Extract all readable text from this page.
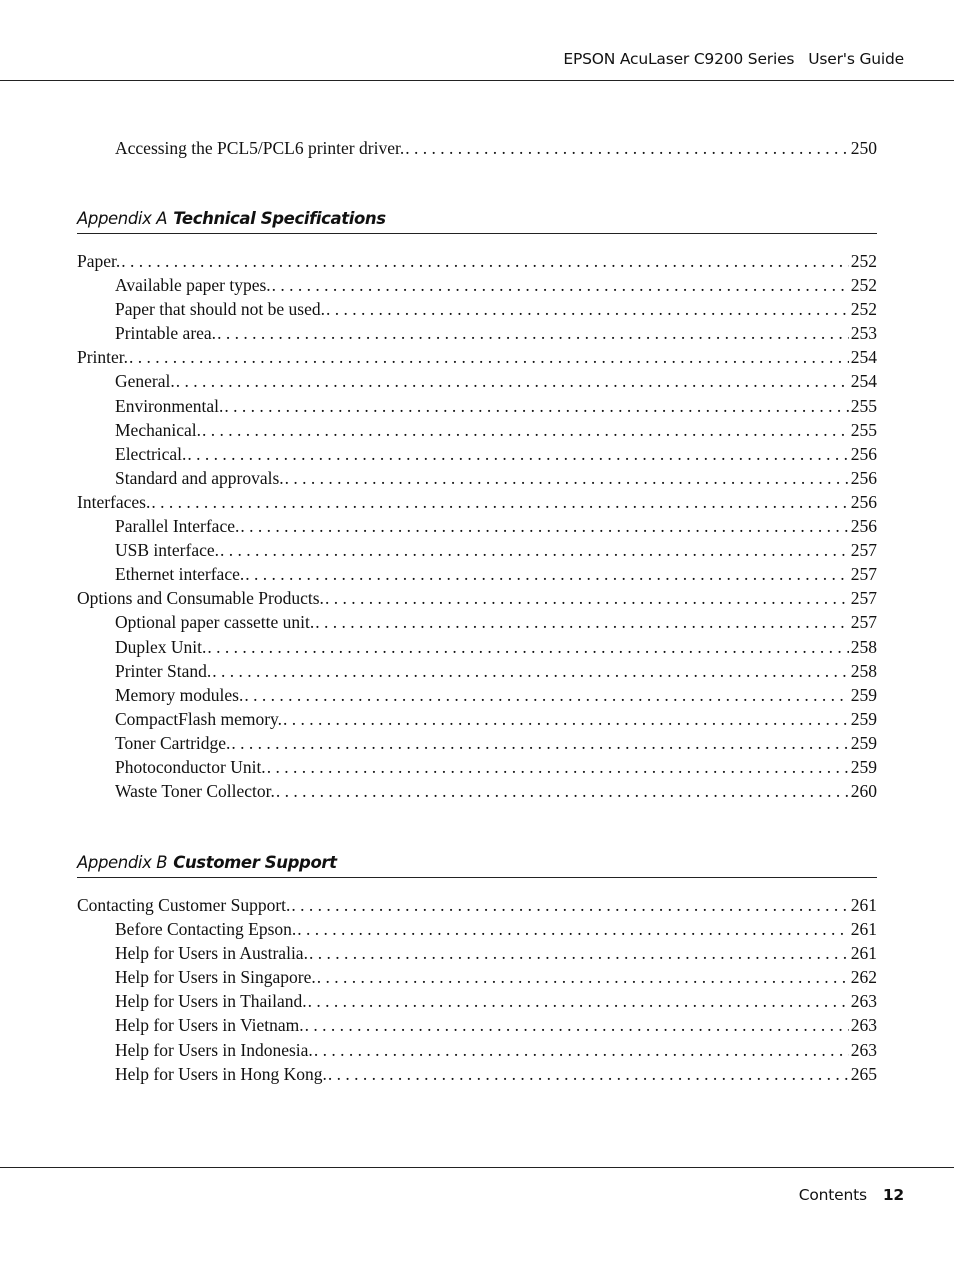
EPSON AcuLaser C9200 Series User's Guide
Accessing the PCL5/PCL6 printer driver. . . .	250
Appendix A Technical Specifications
Paper. . . .	252
Available paper types. . . .	252
Paper that should not be used. . . .	252
Printable area. . . .	253
Printer. . . .	254
General. . . .	254
Environmental. . . .	255
Mechanical. . . .	255
Electrical. . . .	256
Standard and approvals. . . .	256
Interfaces. . . .	256
Parallel Interface. . . .	256
USB interface. . . .	257
Ethernet interface. . . .	257
Options and Consumable Products. . . .	257
Optional paper cassette unit. . . .	257
Duplex Unit. . . .	258
Printer Stand. . . .	258
Memory modules. . . .	259
CompactFlash memory. . . .	259
Toner Cartridge. . . .	259
Photoconductor Unit. . . .	259
Waste Toner Collector. . . .	260
Appendix B Customer Support
Contacting Customer Support. . . .	261
Before Contacting Epson. . . .	261
Help for Users in Australia. . . .	261
Help for Users in Singapore. . . .	262
Help for Users in Thailand. . . .	263
Help for Users in Vietnam. . . .	263
Help for Users in Indonesia. . . .	263
Help for Users in Hong Kong. . . .	265
Contents 12
